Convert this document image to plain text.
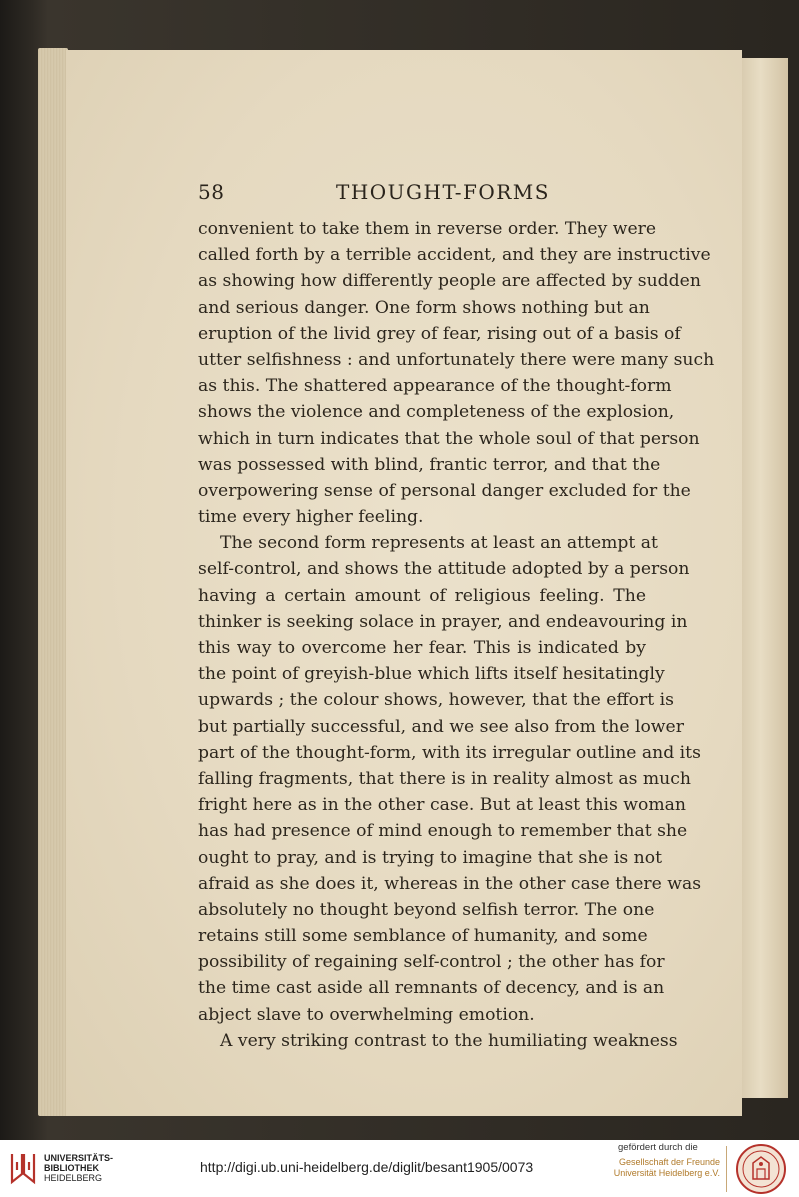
58	THOUGHT-FORMS
convenient to take them in reverse order. They were
called forth by a terrible accident, and they are instructive
as showing how differently people are affected by sudden
and serious danger. One form shows nothing but an
eruption of the livid grey of fear, rising out of a basis of
utter selfishness : and unfortunately there were many such
as this. The shattered appearance of the thought-form
shows the violence and completeness of the explosion,
which in turn indicates that the whole soul of that person
was possessed with blind, frantic terror, and that the
overpowering sense of personal danger excluded for the
time every higher feeling.
The second form represents at least an attempt at
self-control, and shows the attitude adopted by a person
having a certain amount of religious feeling. The
thinker is seeking solace in prayer, and endeavouring in
this way to overcome her fear. This is indicated by
the point of greyish-blue which lifts itself hesitatingly
upwards ; the colour shows, however, that the effort is
but partially successful, and we see also from the lower
part of the thought-form, with its irregular outline and its
falling fragments, that there is in reality almost as much
fright here as in the other case. But at least this woman
has had presence of mind enough to remember that she
ought to pray, and is trying to imagine that she is not
afraid as she does it, whereas in the other case there was
absolutely no thought beyond selfish terror. The one
retains still some semblance of humanity, and some
possibility of regaining self-control ; the other has for
the time cast aside all remnants of decency, and is an
abject slave to overwhelming emotion.
A very striking contrast to the humiliating weakness
UNIVERSITÄTS-
BIBLIOTHEK
HEIDELBERG
http://digi.ub.uni-heidelberg.de/diglit/besant1905/0073
gefördert durch die
Gesellschaft der Freunde
Universität Heidelberg e.V.
